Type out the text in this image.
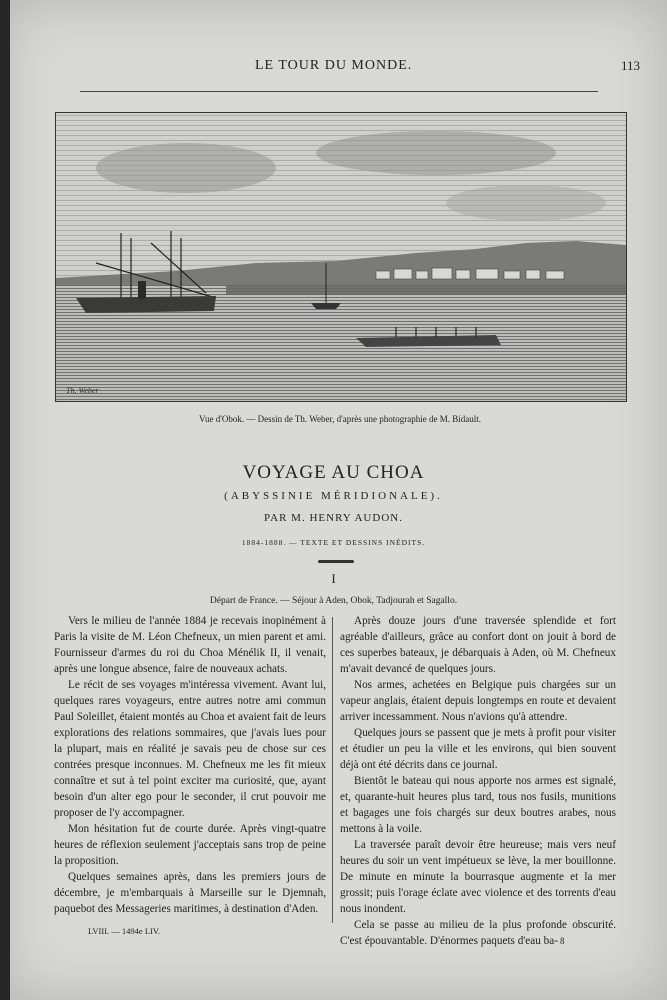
LE TOUR DU MONDE.	113
Th. Weber
Vue d'Obok. — Dessin de Th. Weber, d'après une photographie de M. Bidault.
VOYAGE AU CHOA
(ABYSSINIE MÉRIDIONALE).
PAR M. HENRY AUDON.
1884-1888. — TEXTE ET DESSINS INÉDITS.
I
Départ de France. — Séjour à Aden, Obok, Tadjourah et Sagallo.

Vers le milieu de l'année 1884 je recevais inopinément à Paris la visite de M. Léon Chefneux, un mien parent et ami. Fournisseur d'armes du roi du Choa Ménélik II, il venait, après une longue absence, faire de nouveaux achats.

Le récit de ses voyages m'intéressa vivement. Avant lui, quelques rares voyageurs, entre autres notre ami commun Paul Soleillet, étaient montés au Choa et avaient fait de leurs explorations des relations sommaires, que j'avais lues pour la plupart, mais en réalité je savais peu de chose sur ces contrées presque inconnues. M. Chefneux me les fit mieux connaître et sut à tel point exciter ma curiosité, que, ayant besoin d'un alter ego pour le seconder, il crut pouvoir me proposer de l'y accompagner.

Mon hésitation fut de courte durée. Après vingt-quatre heures de réflexion seulement j'acceptais sans trop de peine la proposition.

Quelques semaines après, dans les premiers jours de décembre, je m'embarquais à Marseille sur le Djemnah, paquebot des Messageries maritimes, à destination d'Aden.

Après douze jours d'une traversée splendide et fort agréable d'ailleurs, grâce au confort dont on jouit à bord de ces superbes bateaux, je débarquais à Aden, où M. Chefneux m'avait devancé de quelques jours.

Nos armes, achetées en Belgique puis chargées sur un vapeur anglais, étaient depuis longtemps en route et devaient arriver incessamment. Nous n'avions qu'à attendre.

Quelques jours se passent que je mets à profit pour visiter et étudier un peu la ville et les environs, qui bien souvent déjà ont été décrits dans ce journal.

Bientôt le bateau qui nous apporte nos armes est signalé, et, quarante-huit heures plus tard, tous nos fusils, munitions et bagages une fois chargés sur deux boutres arabes, nous mettons à la voile.

La traversée paraît devoir être heureuse; mais vers neuf heures du soir un vent impétueux se lève, la mer bouillonne. De minute en minute la bourrasque augmente et la mer grossit; puis l'orage éclate avec violence et des torrents d'eau nous inondent.

Cela se passe au milieu de la plus profonde obscurité. C'est épouvantable. D'énormes paquets d'eau ba-

LVIII. — 1494e LIV.
8
